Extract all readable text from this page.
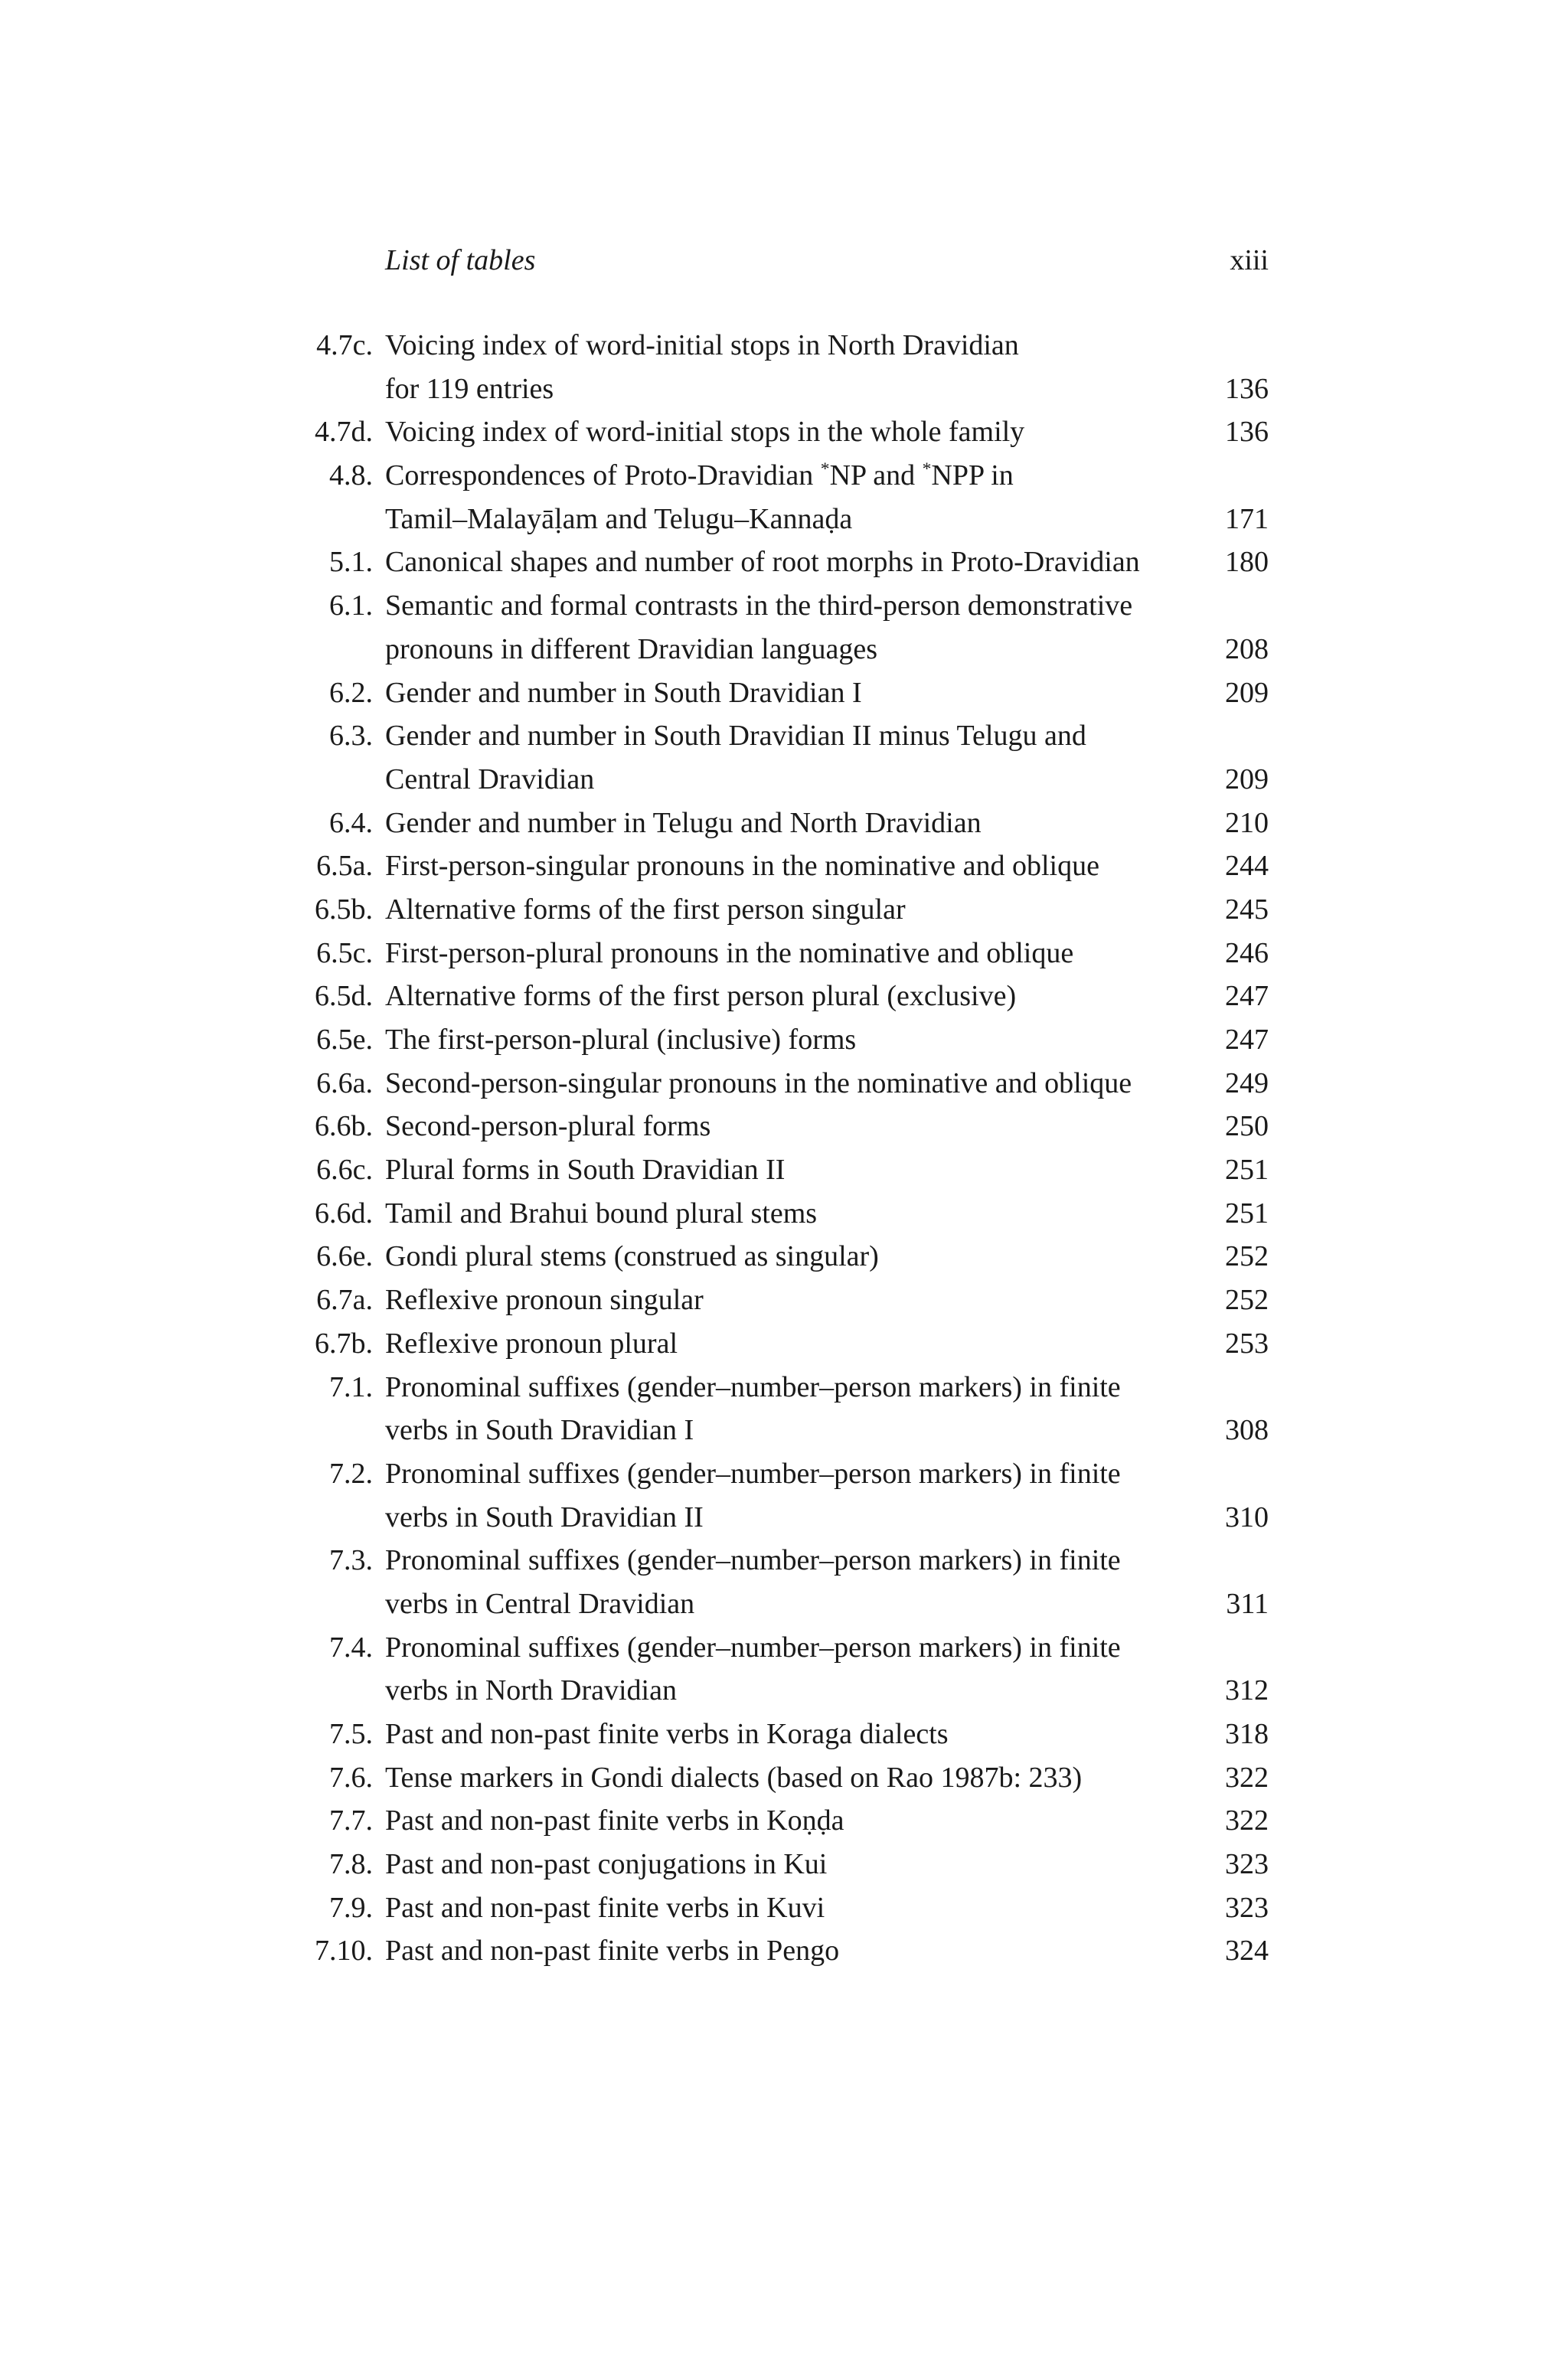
List of tables	xiii
4.7c. Voicing index of word-initial stops in North Dravidian
for 119 entries	136
4.7d. Voicing index of word-initial stops in the whole family	136
4.8. Correspondences of Proto-Dravidian *NP and *NPP in
Tamil–Malayāḷam and Telugu–Kannaḍa	171
5.1. Canonical shapes and number of root morphs in Proto-Dravidian	180
6.1. Semantic and formal contrasts in the third-person demonstrative
pronouns in different Dravidian languages	208
6.2. Gender and number in South Dravidian I	209
6.3. Gender and number in South Dravidian II minus Telugu and
Central Dravidian	209
6.4. Gender and number in Telugu and North Dravidian	210
6.5a. First-person-singular pronouns in the nominative and oblique	244
6.5b. Alternative forms of the first person singular	245
6.5c. First-person-plural pronouns in the nominative and oblique	246
6.5d. Alternative forms of the first person plural (exclusive)	247
6.5e. The first-person-plural (inclusive) forms	247
6.6a. Second-person-singular pronouns in the nominative and oblique	249
6.6b. Second-person-plural forms	250
6.6c. Plural forms in South Dravidian II	251
6.6d. Tamil and Brahui bound plural stems	251
6.6e. Gondi plural stems (construed as singular)	252
6.7a. Reflexive pronoun singular	252
6.7b. Reflexive pronoun plural	253
7.1. Pronominal suffixes (gender–number–person markers) in finite
verbs in South Dravidian I	308
7.2. Pronominal suffixes (gender–number–person markers) in finite
verbs in South Dravidian II	310
7.3. Pronominal suffixes (gender–number–person markers) in finite
verbs in Central Dravidian	311
7.4. Pronominal suffixes (gender–number–person markers) in finite
verbs in North Dravidian	312
7.5. Past and non-past finite verbs in Koraga dialects	318
7.6. Tense markers in Gondi dialects (based on Rao 1987b: 233)	322
7.7. Past and non-past finite verbs in Koṇḍa	322
7.8. Past and non-past conjugations in Kui	323
7.9. Past and non-past finite verbs in Kuvi	323
7.10. Past and non-past finite verbs in Pengo	324
